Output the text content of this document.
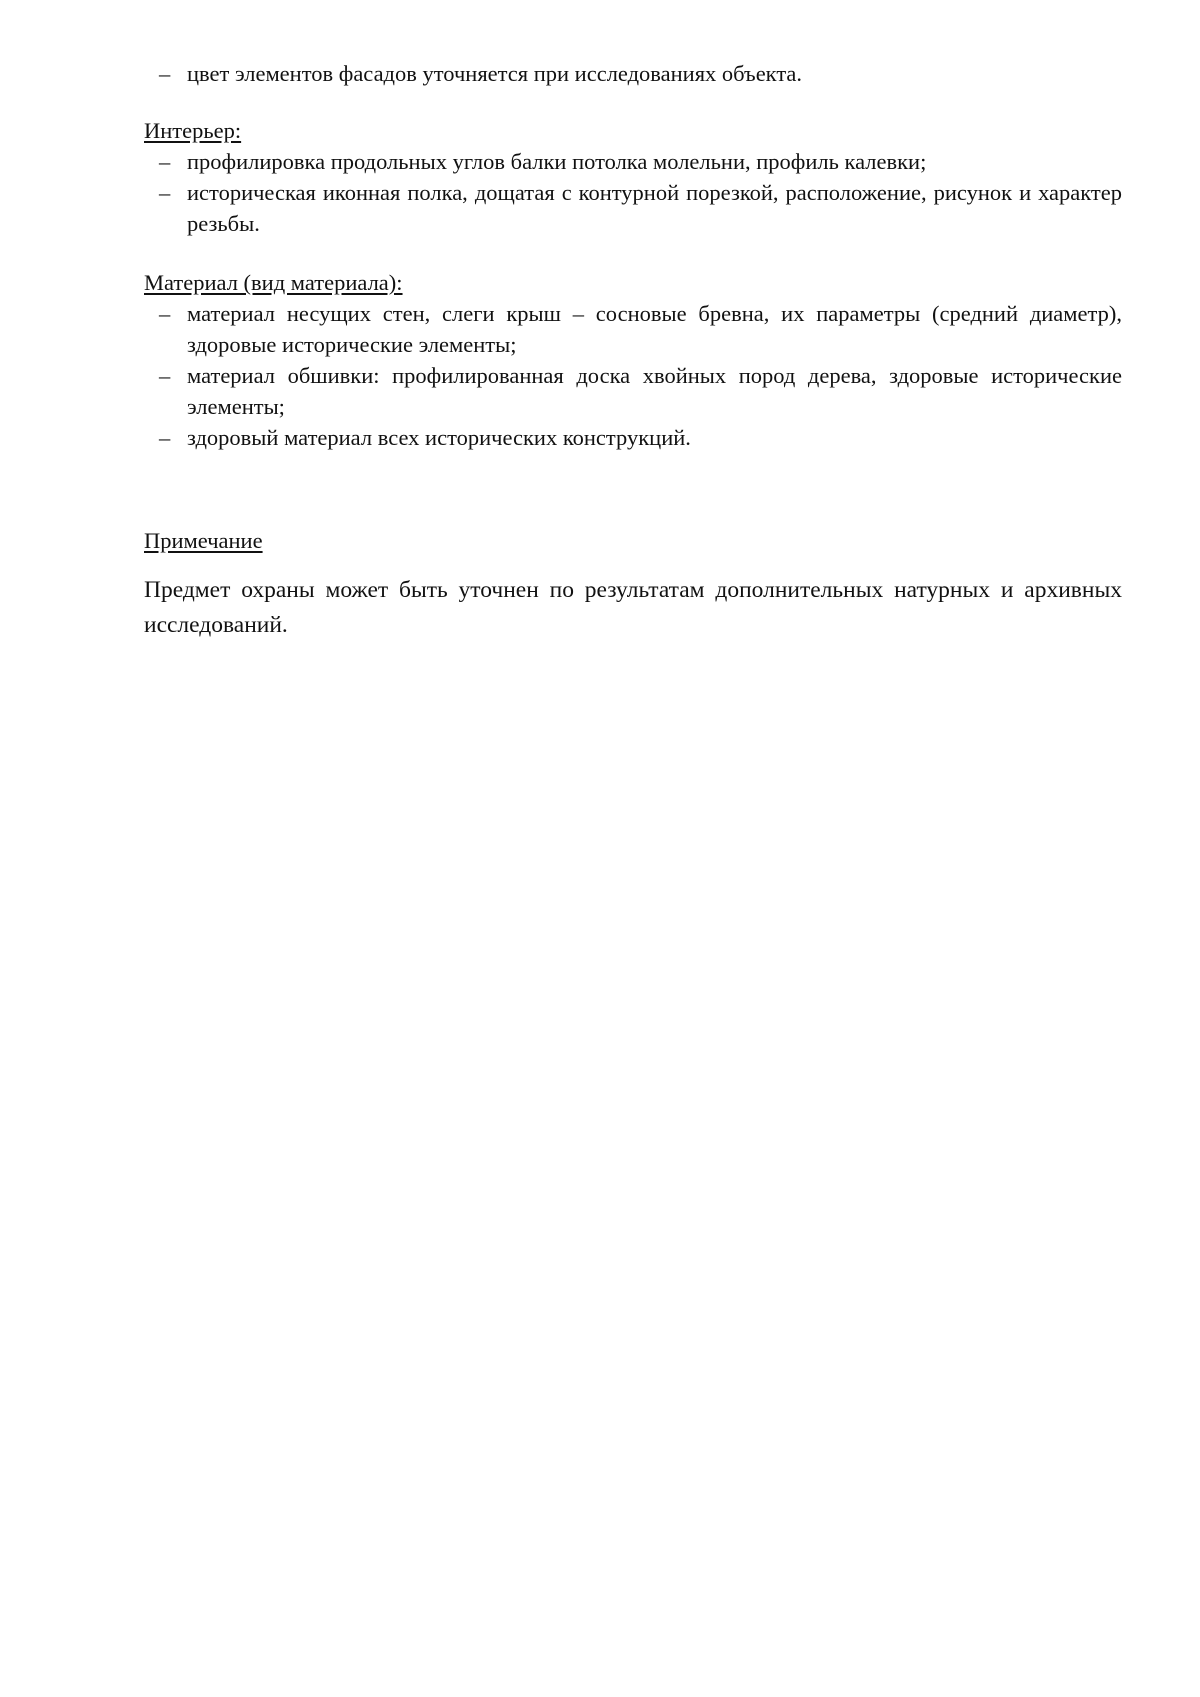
– цвет элементов фасадов уточняется при исследованиях объекта.

Интерьер:

– профилировка продольных углов балки потолка молельни, профиль калевки;
– историческая иконная полка, дощатая с контурной порезкой, расположение, рисунок и характер резьбы.

Материал (вид материала):

– материал несущих стен, слеги крыш – сосновые бревна, их параметры (средний диаметр), здоровые исторические элементы;
– материал обшивки: профилированная доска хвойных пород дерева, здоровые исторические элементы;
– здоровый материал всех исторических конструкций.

Примечание

Предмет охраны может быть уточнен по результатам дополнительных натурных и архивных исследований.
